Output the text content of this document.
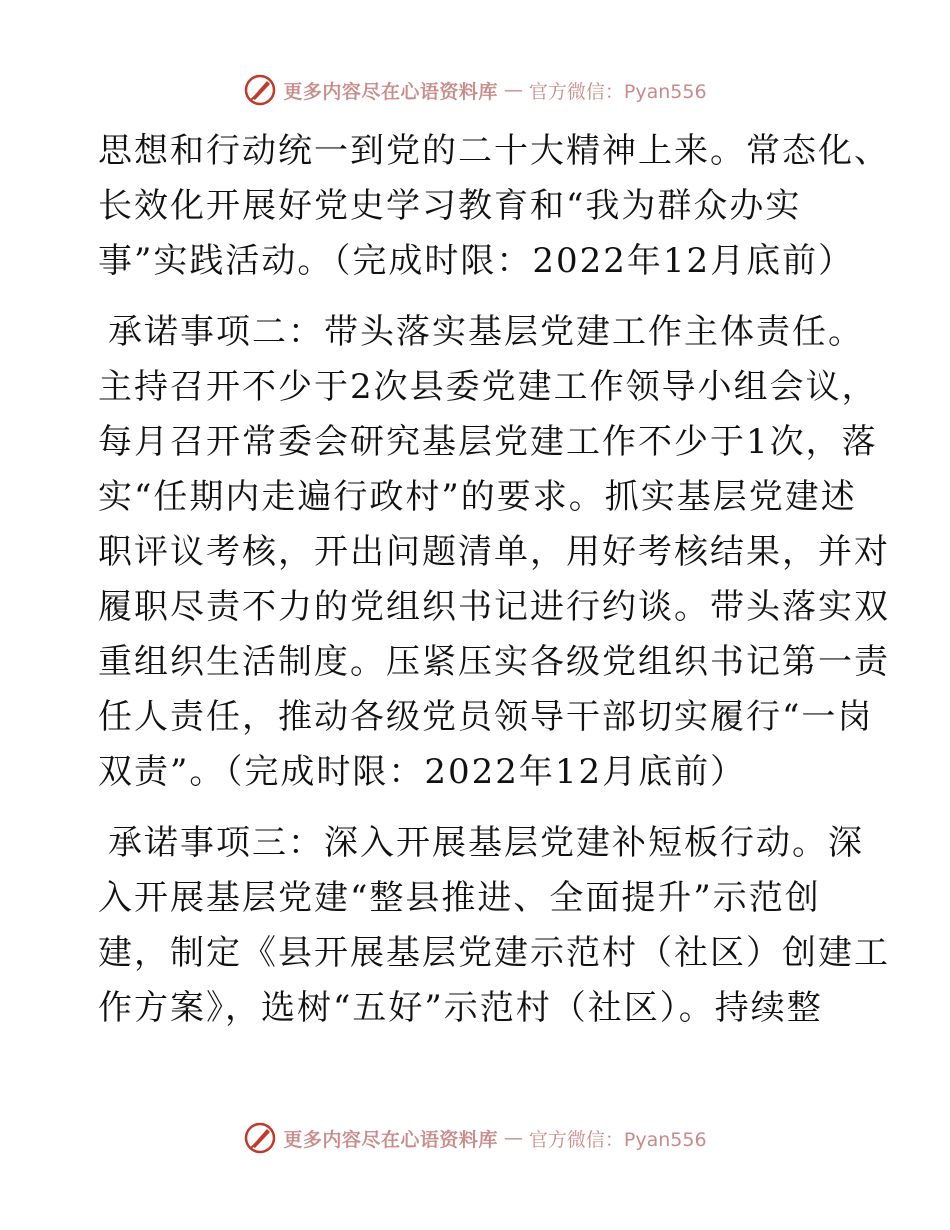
更多内容尽在心语资料库 — 官方微信：Pyan556
思想和行动统一到党的二十大精神上来。常态化、
长效化开展好党史学习教育和“我为群众办实
事”实践活动。（完成时限：2022年12月底前）
承诺事项二：带头落实基层党建工作主体责任。
主持召开不少于2次县委党建工作领导小组会议，
每月召开常委会研究基层党建工作不少于1次，落
实“任期内走遍行政村”的要求。抓实基层党建述
职评议考核，开出问题清单，用好考核结果，并对
履职尽责不力的党组织书记进行约谈。带头落实双
重组织生活制度。压紧压实各级党组织书记第一责
任人责任，推动各级党员领导干部切实履行“一岗
双责”。（完成时限：2022年12月底前）
承诺事项三：深入开展基层党建补短板行动。深
入开展基层党建“整县推进、全面提升”示范创
建，制定《县开展基层党建示范村（社区）创建工
作方案》，选树“五好”示范村（社区）。持续整
更多内容尽在心语资料库 — 官方微信：Pyan556
